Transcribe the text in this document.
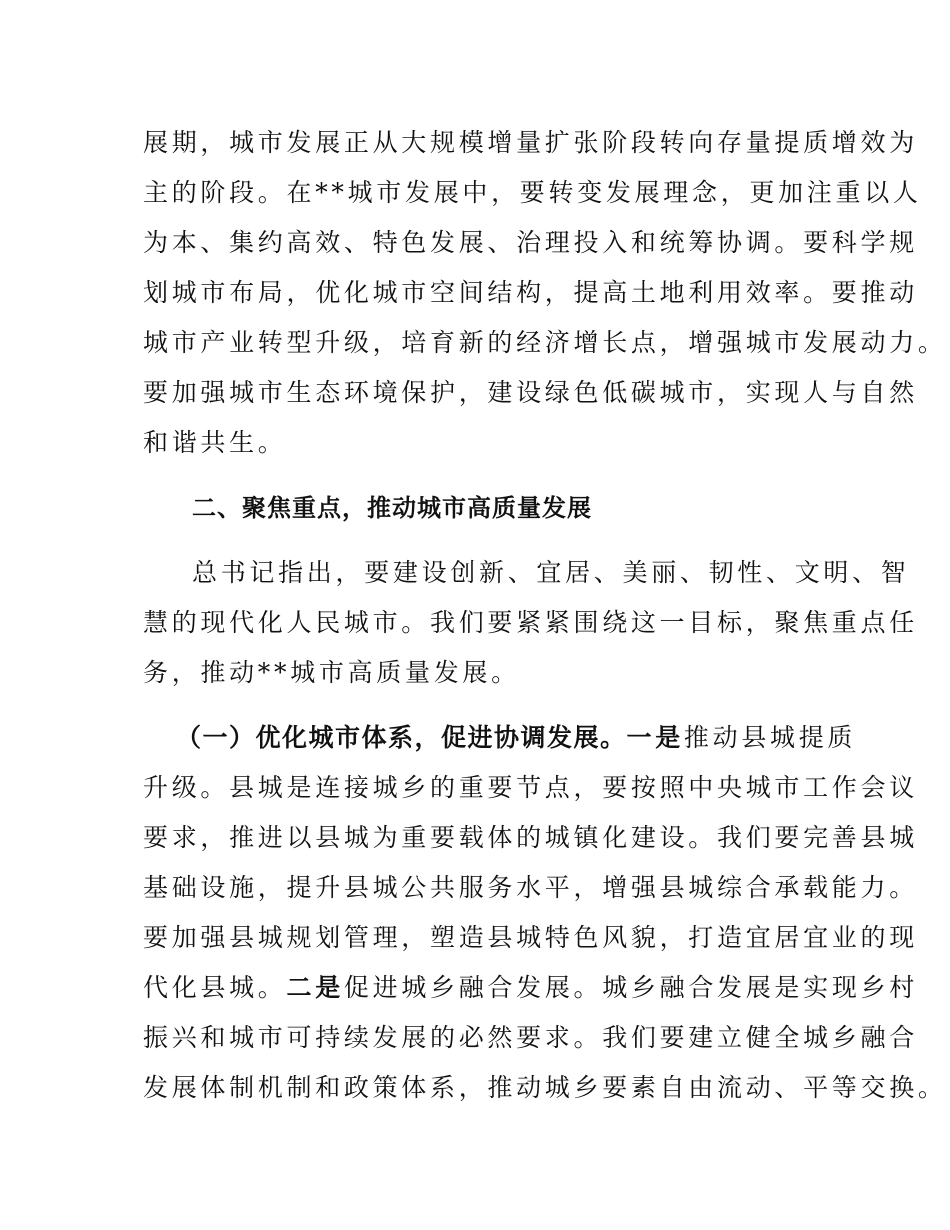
展期，城市发展正从大规模增量扩张阶段转向存量提质增效为
主的阶段。在**城市发展中，要转变发展理念，更加注重以人
为本、集约高效、特色发展、治理投入和统筹协调。要科学规
划城市布局，优化城市空间结构，提高土地利用效率。要推动
城市产业转型升级，培育新的经济增长点，增强城市发展动力。
要加强城市生态环境保护，建设绿色低碳城市，实现人与自然
和谐共生。
二、聚焦重点，推动城市高质量发展
总书记指出，要建设创新、宜居、美丽、韧性、文明、智
慧的现代化人民城市。我们要紧紧围绕这一目标，聚焦重点任
务，推动**城市高质量发展。
（一）优化城市体系，促进协调发展。一是推动县城提质
升级。县城是连接城乡的重要节点，要按照中央城市工作会议
要求，推进以县城为重要载体的城镇化建设。我们要完善县城
基础设施，提升县城公共服务水平，增强县城综合承载能力。
要加强县城规划管理，塑造县城特色风貌，打造宜居宜业的现
代化县城。二是促进城乡融合发展。城乡融合发展是实现乡村
振兴和城市可持续发展的必然要求。我们要建立健全城乡融合
发展体制机制和政策体系，推动城乡要素自由流动、平等交换。
